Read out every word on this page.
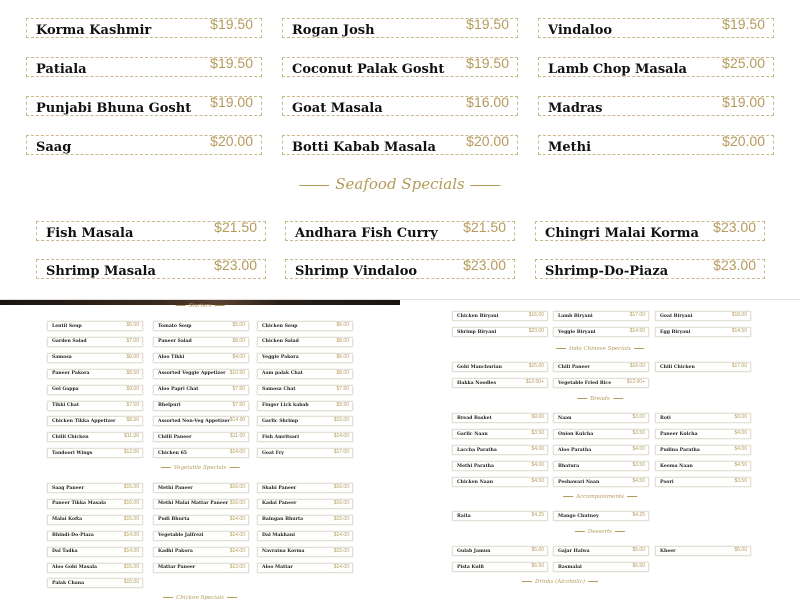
Korma Kashmir	$19.50	Rogan Josh	$19.50	Vindaloo	$19.50
Patiala	$19.50	Coconut Palak Gosht $19.50	Lamb Chop Masala	$25.00
Punjabi Bhuna Gosht $19.00	Goat Masala	$16.00	Madras	$19.00
Saag	$20.00	Botti Kabab Masala $20.00	Methi	$20.00
Fish Masala	$21.50	Andhara Fish Curry $21.50	Chingri Malai Korma $23.00
Shrimp Masala	$23.00	Shrimp Vindaloo	$23.00	Shrimp-Do-Piaza	$23.00
Lentil Soup	$5.00	Tomato Soup	$5.00	Chicken Soup	$6.00
Garden Salad	$7.00	Paneer Salad	$8.00	Chicken Salad	$8.00
Samosa	$6.00	Aloo Tikki	$4.00	Veggie Pakora	$6.00
Paneer Pakora	$8.50	Assorted Veggie Appetizer $10.50	Aam palak Chat	$8.00
Gol Gappa	$9.00	Aloo Papri Chat	$7.50	Samosa Chat	$7.50
Tikki Chat	$7.50	Bhelpuri	$7.50	Finger Lick kabab	$9.50
Chicken Tikka Appetizer $8.50	Assorted Non-Veg Appetizer $14.00	Garlic Shrimp	$15.00
Chilli Chicken	$11.00	Chilli Paneer	$11.00	Fish Amritsari	$14.00
Tandoori Wings	$12.00	Chicken 65	$14.00	Goat Fry	$17.00
Saag Paneer	$15.00	Methi Paneer	$16.00	Shahi Paneer	$16.00
Paneer Tikka Masala	$16.00	Methi Malai Mattar Paneer $16.00	Kadai Paneer	$16.00
Malai Kofta	$15.00	Pudi Bhurta	$14.00	Baingan Bhurta	$15.00
Bhindi-Do-Piaza	$14.00	Vegetable Jalfrezi	$14.00	Dal Makhani	$14.00
Dal Tadka	$14.00	Kadhi Pakora	$14.00	Navratna Korma	$15.00
Aloo Gobi Masala	$15.00	Mattar Paneer	$13.00	Aloo Mattar	$14.00
Palak Chana	$15.00
Chicken Biryani	$16.00	Lamb Biryani	$17.00	Goat Biryani	$18.00
Shrimp Biryani	$23.00	Veggie Biryani	$14.50	Egg Biryani	$14.50
Gobi Manchurian	$15.00	Chili Paneer	$16.00	Chili Chicken	$17.00
Hakka Noodles	$12.00+	Vegetable Fried Rice	$12.00+
Bread Basket	$9.00	Naan	$3.00	Roti	$3.00
Garlic Naan	$3.50	Onion Kulcha	$3.50	Paneer Kulcha	$4.00
Laccha Paratha	$4.00	Aloo Paratha	$4.00	Pudina Paratha	$4.00
Methi Paratha	$4.00	Bhatura	$3.50	Keema Naan	$4.50
Chicken Naan	$4.50	Peshawari Naan	$4.50	Poori	$3.50
Raita	$4.25	Mango Chutney	$4.25
Gulab Jamun	$5.00	Gajar Halwa	$5.00	Kheer	$5.00
Pista Kulfi	$6.50	Rasmalai	$6.50
Seafood Specials
Starters
Vegetable Specials
Chicken Specials
Indo Chinese Specials
Breads
Accompaniments
Desserts
Drinks (Alcoholic)
